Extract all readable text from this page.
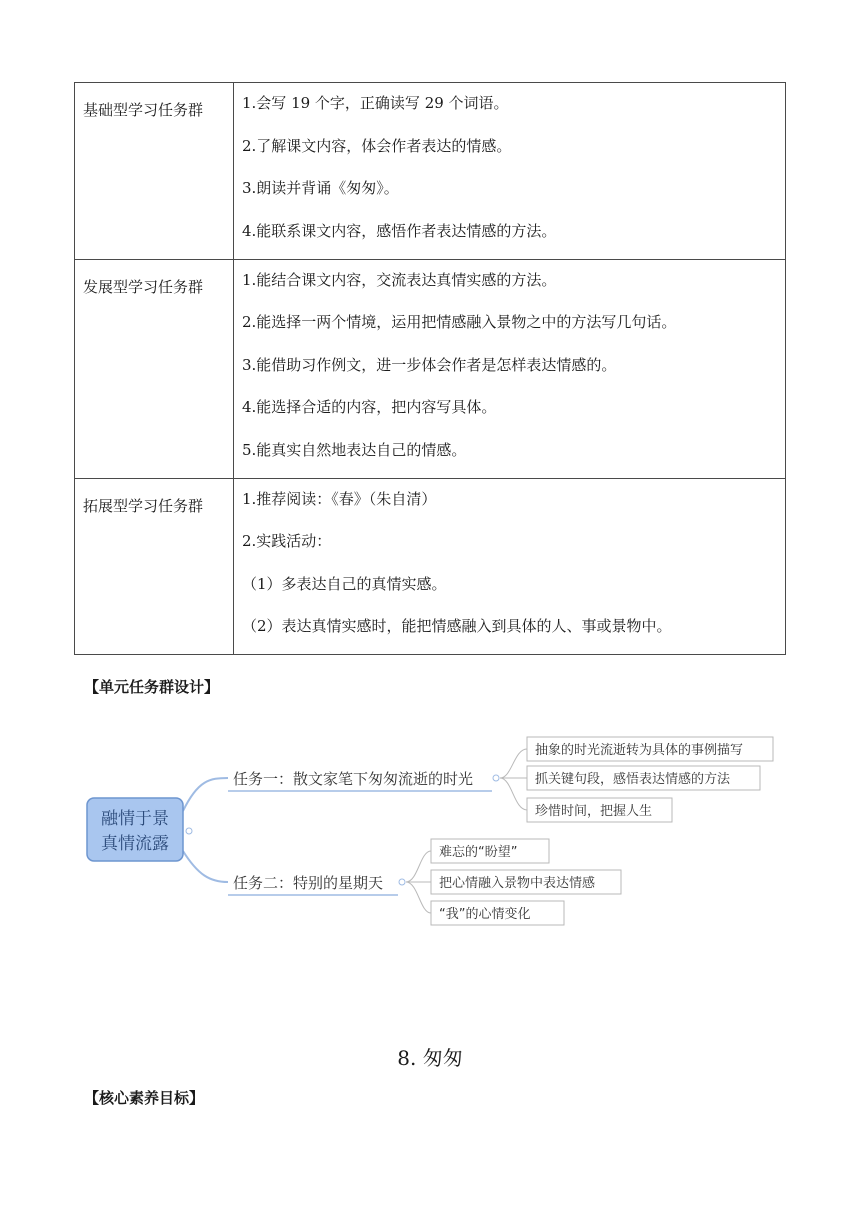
基础型学习任务群	1.会写 19 个字，正确读写 29 个词语。
2.了解课文内容，体会作者表达的情感。
3.朗读并背诵《匆匆》。
4.能联系课文内容，感悟作者表达情感的方法。

发展型学习任务群	1.能结合课文内容，交流表达真情实感的方法。
2.能选择一两个情境，运用把情感融入景物之中的方法写几句话。
3.能借助习作例文，进一步体会作者是怎样表达情感的。
4.能选择合适的内容，把内容写具体。
5.能真实自然地表达自己的情感。

拓展型学习任务群	1.推荐阅读：《春》（朱自清）
2.实践活动：
（1）多表达自己的真情实感。
（2）表达真情实感时，能把情感融入到具体的人、事或景物中。
【单元任务群设计】
融情于景
真情流露
任务一：散文家笔下匆匆流逝的时光
抽象的时光流逝转为具体的事例描写
抓关键句段，感悟表达情感的方法
珍惜时间，把握人生
任务二：特别的星期天
难忘的“盼望”
把心情融入景物中表达情感
“我”的心情变化
8. 匆匆
【核心素养目标】
